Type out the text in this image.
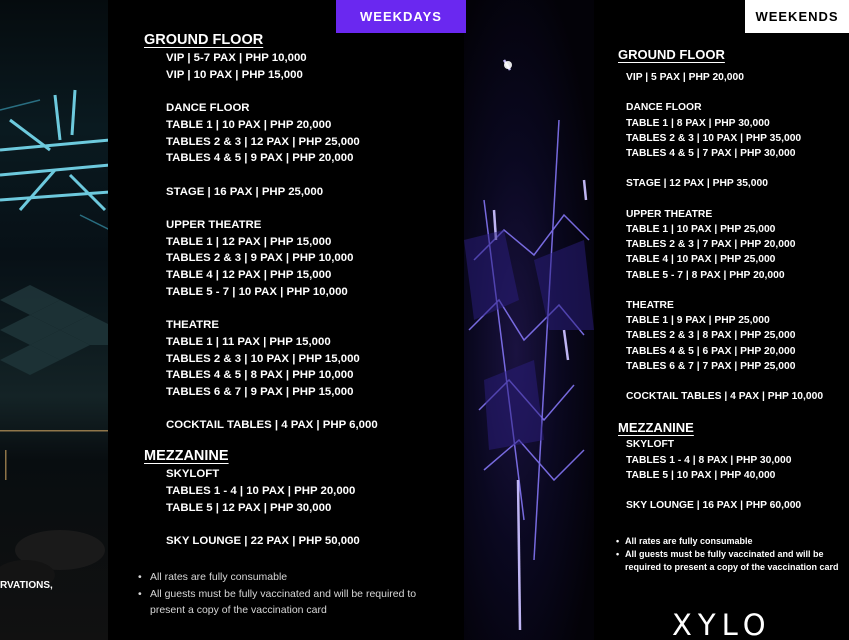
WEEKDAYS	WEEKENDS
GROUND FLOOR
VIP | 5-7 PAX | PHP 10,000
VIP | 10 PAX | PHP 15,000
DANCE FLOOR
TABLE 1 | 10 PAX | PHP 20,000
TABLES 2 & 3 | 12 PAX | PHP 25,000
TABLES 4 & 5 | 9 PAX | PHP 20,000
STAGE | 16 PAX | PHP 25,000
UPPER THEATRE
TABLE 1 | 12 PAX | PHP 15,000
TABLES 2 & 3 | 9 PAX | PHP 10,000
TABLE 4 | 12 PAX | PHP 15,000
TABLE 5 - 7 | 10 PAX | PHP 10,000
THEATRE
TABLE 1 | 11 PAX | PHP 15,000
TABLES 2 & 3 | 10 PAX | PHP 15,000
TABLES 4 & 5 | 8 PAX | PHP 10,000
TABLES 6 & 7 | 9 PAX | PHP 15,000
COCKTAIL TABLES | 4 PAX | PHP 6,000
MEZZANINE
SKYLOFT
TABLES 1 - 4 | 10 PAX | PHP 20,000
TABLE 5 | 12 PAX | PHP 30,000
SKY LOUNGE | 22 PAX | PHP 50,000
• All rates are fully consumable
• All guests must be fully vaccinated and will be required to present a copy of the vaccination card
GROUND FLOOR
VIP | 5 PAX | PHP 20,000
DANCE FLOOR
TABLE 1 | 8 PAX | PHP 30,000
TABLES 2 & 3 | 10 PAX | PHP 35,000
TABLES 4 & 5 | 7 PAX | PHP 30,000
STAGE | 12 PAX | PHP 35,000
UPPER THEATRE
TABLE 1 | 10 PAX | PHP 25,000
TABLES 2 & 3 | 7 PAX | PHP 20,000
TABLE 4 | 10 PAX | PHP 25,000
TABLE 5 - 7 | 8 PAX | PHP 20,000
THEATRE
TABLE 1 | 9 PAX | PHP 25,000
TABLES 2 & 3 | 8 PAX | PHP 25,000
TABLES 4 & 5 | 6 PAX | PHP 20,000
TABLES 6 & 7 | 7 PAX | PHP 25,000
COCKTAIL TABLES | 4 PAX | PHP 10,000
MEZZANINE
SKYLOFT
TABLES 1 - 4 | 8 PAX | PHP 30,000
TABLE 5 | 10 PAX | PHP 40,000
SKY LOUNGE | 16 PAX | PHP 60,000
• All rates are fully consumable
• All guests must be fully vaccinated and will be required to present a copy of the vaccination card
RVATIONS,
XYLO
